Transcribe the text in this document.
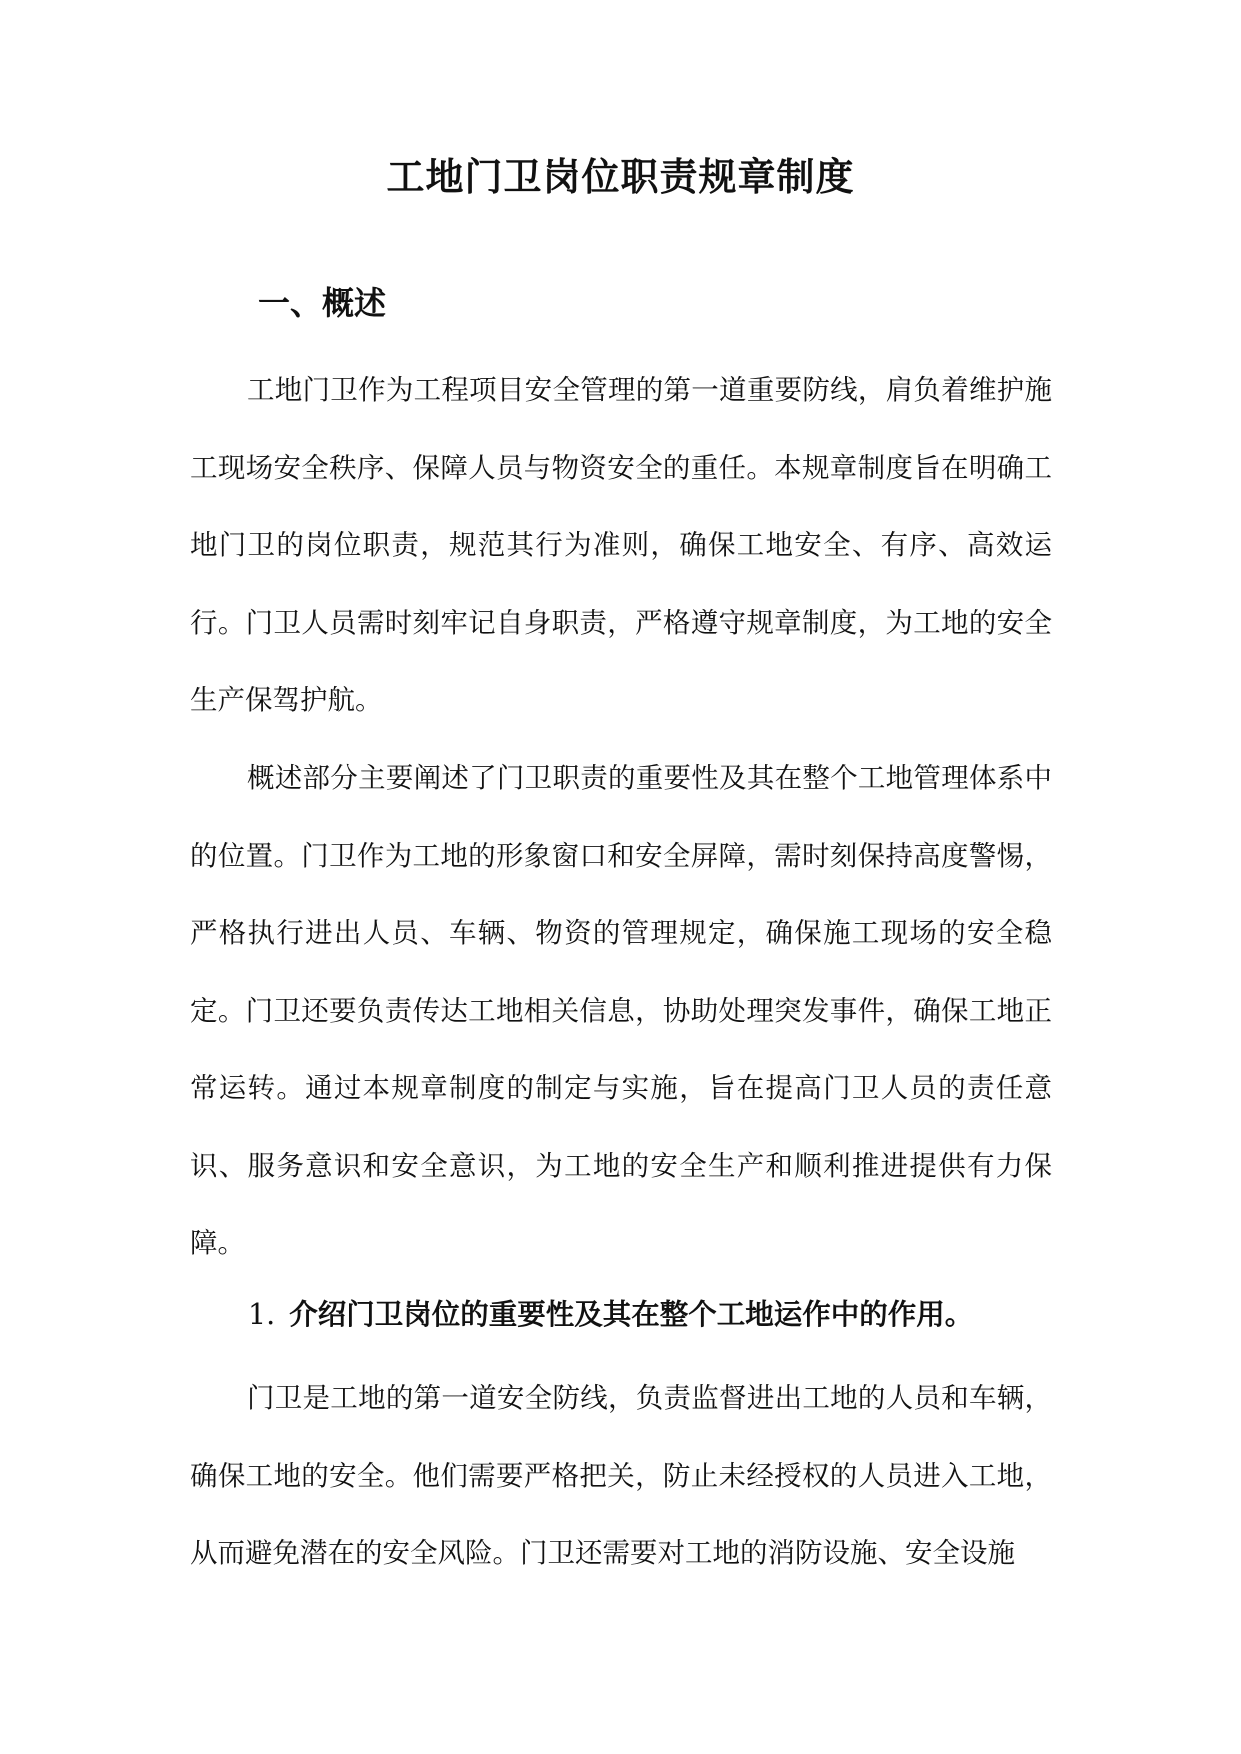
工地门卫岗位职责规章制度
一、概述

工地门卫作为工程项目安全管理的第一道重要防线，肩负着维护施工现场安全秩序、保障人员与物资安全的重任。本规章制度旨在明确工地门卫的岗位职责，规范其行为准则，确保工地安全、有序、高效运行。门卫人员需时刻牢记自身职责，严格遵守规章制度，为工地的安全生产保驾护航。

概述部分主要阐述了门卫职责的重要性及其在整个工地管理体系中的位置。门卫作为工地的形象窗口和安全屏障，需时刻保持高度警惕，严格执行进出人员、车辆、物资的管理规定，确保施工现场的安全稳定。门卫还要负责传达工地相关信息，协助处理突发事件，确保工地正常运转。通过本规章制度的制定与实施，旨在提高门卫人员的责任意识、服务意识和安全意识，为工地的安全生产和顺利推进提供有力保障。

1. 介绍门卫岗位的重要性及其在整个工地运作中的作用。

门卫是工地的第一道安全防线，负责监督进出工地的人员和车辆，确保工地的安全。他们需要严格把关，防止未经授权的人员进入工地，从而避免潜在的安全风险。门卫还需要对工地的消防设施、安全设施
